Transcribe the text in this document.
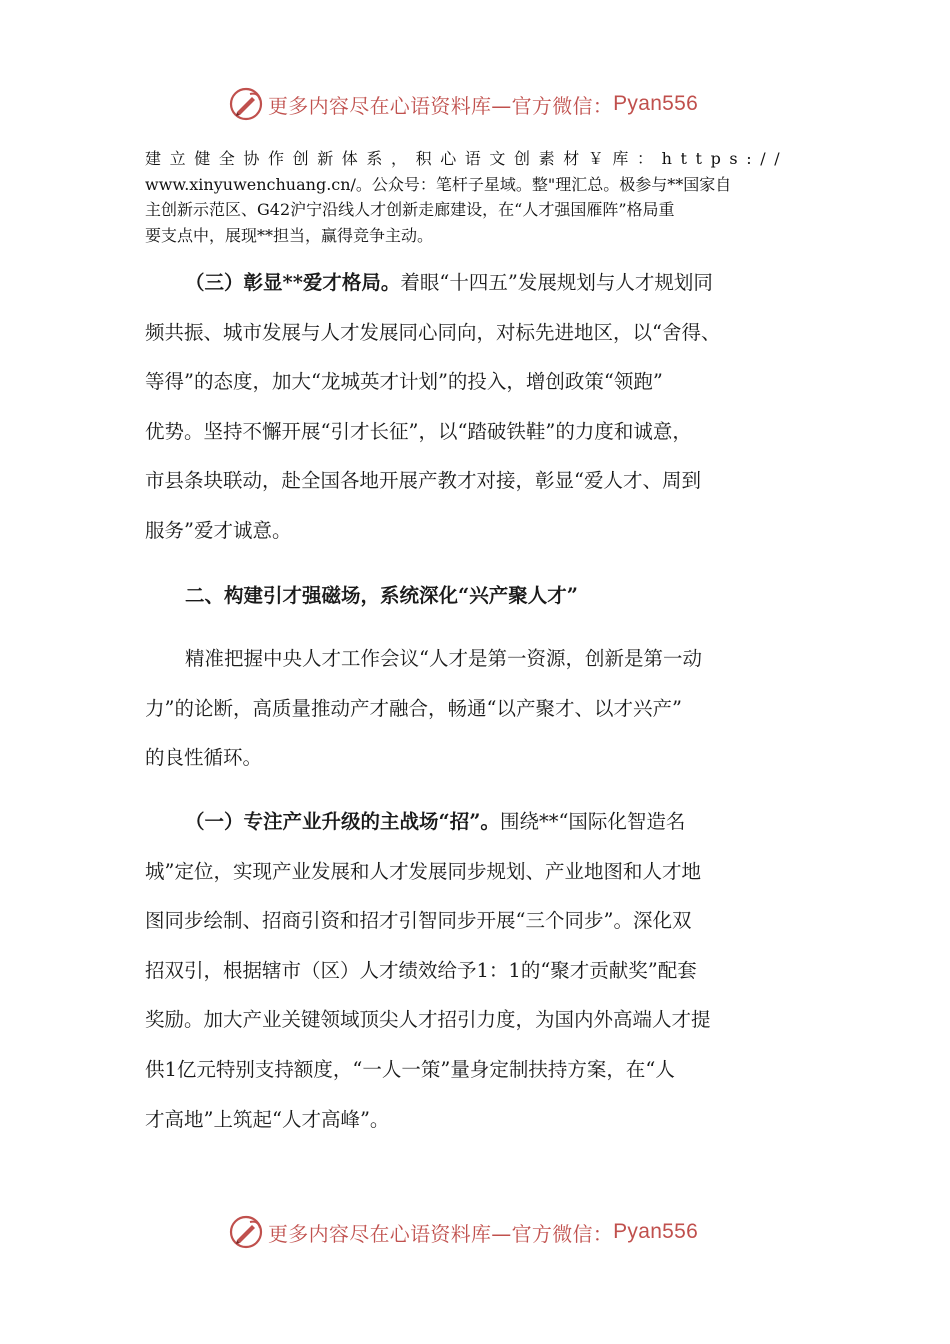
更多内容尽在心语资料库—官方微信： Pyan556

建立健全协作创新体系，积心语文创素材￥库：https://

www.xinyuwenchuang.cn/。公众号：笔杆子星域。整"理汇总。极参与**国家自

主创新示范区、G42沪宁沿线人才创新走廊建设，在“人才强国雁阵”格局重

要支点中，展现**担当，赢得竞争主动。

（三）彰显**爱才格局。着眼“十四五”发展规划与人才规划同

频共振、城市发展与人才发展同心同向，对标先进地区，以“舍得、

等得”的态度，加大“龙城英才计划”的投入，增创政策“领跑”

优势。坚持不懈开展“引才长征”，以“踏破铁鞋”的力度和诚意，

市县条块联动，赴全国各地开展产教才对接，彰显“爱人才、周到

服务”爱才诚意。

二、构建引才强磁场，系统深化“兴产聚人才”

精准把握中央人才工作会议“人才是第一资源，创新是第一动

力”的论断，高质量推动产才融合，畅通“以产聚才、以才兴产”

的良性循环。

（一）专注产业升级的主战场“招”。围绕**“国际化智造名

城”定位，实现产业发展和人才发展同步规划、产业地图和人才地

图同步绘制、招商引资和招才引智同步开展“三个同步”。深化双

招双引，根据辖市（区）人才绩效给予1：1的“聚才贡献奖”配套

奖励。加大产业关键领域顶尖人才招引力度，为国内外高端人才提

供1亿元特别支持额度，“一人一策”量身定制扶持方案，在“人

才高地”上筑起“人才高峰”。

更多内容尽在心语资料库—官方微信： Pyan556
